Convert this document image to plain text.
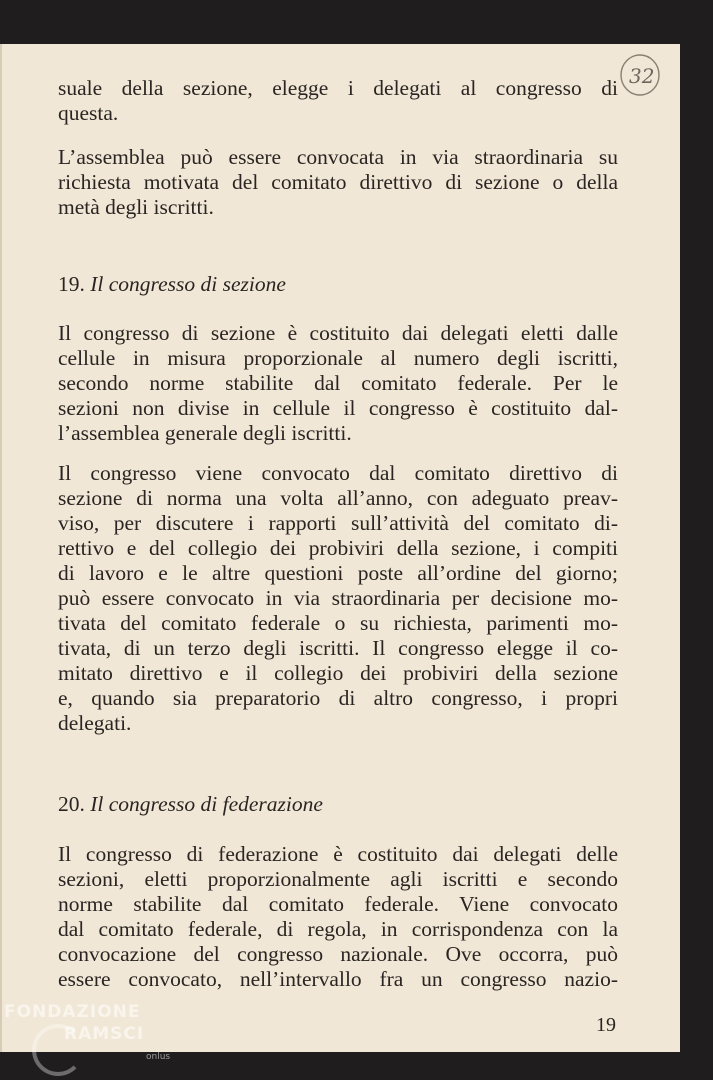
32
suale della sezione, elegge i delegati al congresso di
questa.
L’assemblea può essere convocata in via straordinaria su
richiesta motivata del comitato direttivo di sezione o della
metà degli iscritti.
19. Il congresso di sezione
Il congresso di sezione è costituito dai delegati eletti dalle
cellule in misura proporzionale al numero degli iscritti,
secondo norme stabilite dal comitato federale. Per le
sezioni non divise in cellule il congresso è costituito dal-
l’assemblea generale degli iscritti.
Il congresso viene convocato dal comitato direttivo di
sezione di norma una volta all’anno, con adeguato preav-
viso, per discutere i rapporti sull’attività del comitato di-
rettivo e del collegio dei probiviri della sezione, i compiti
di lavoro e le altre questioni poste all’ordine del giorno;
può essere convocato in via straordinaria per decisione mo-
tivata del comitato federale o su richiesta, parimenti mo-
tivata, di un terzo degli iscritti. Il congresso elegge il co-
mitato direttivo e il collegio dei probiviri della sezione
e, quando sia preparatorio di altro congresso, i propri
delegati.
20. Il congresso di federazione
Il congresso di federazione è costituito dai delegati delle
sezioni, eletti proporzionalmente agli iscritti e secondo
norme stabilite dal comitato federale. Viene convocato
dal comitato federale, di regola, in corrispondenza con la
convocazione del congresso nazionale. Ove occorra, può
essere convocato, nell’intervallo fra un congresso nazio-
19
FONDAZIONE
RAMSCI
onlus
